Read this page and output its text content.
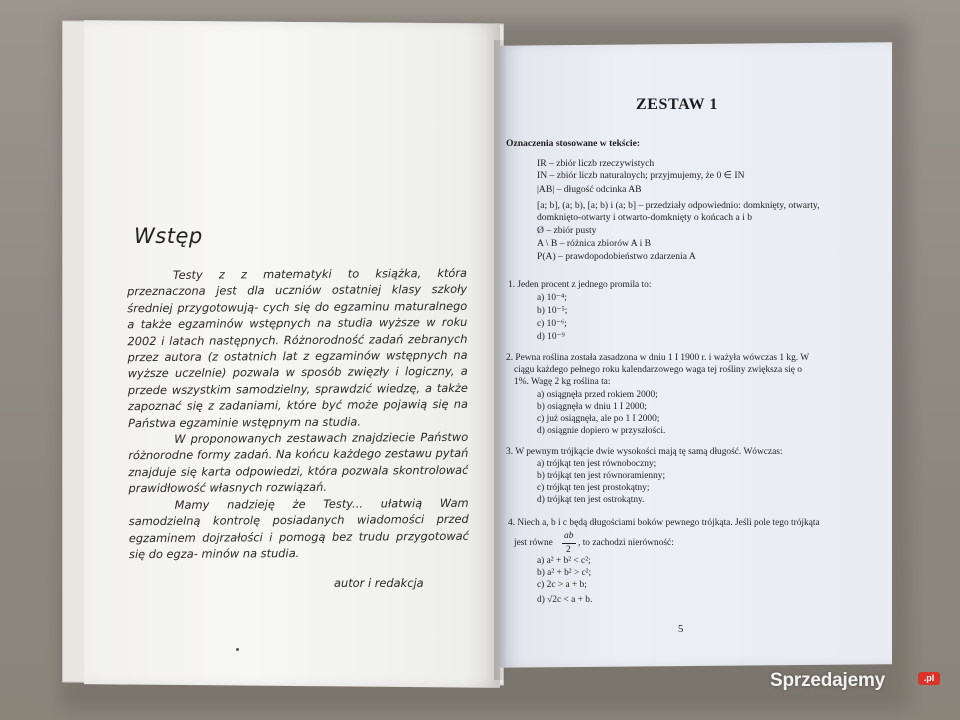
Wstęp

Testy z z matematyki to książka, która przeznaczona jest dla uczniów ostatniej klasy szkoły średniej przygotowują- cych się do egzaminu maturalnego a także egzaminów wstępnych na studia wyższe w roku 2002 i latach następnych. Różnorodność zadań zebranych przez autora (z ostatnich lat z egzaminów wstępnych na wyższe uczelnie) pozwala w sposób zwięzły i logiczny, a przede wszystkim samodzielny, sprawdzić wiedzę, a także zapoznać się z zadaniami, które być może pojawią się na Państwa egzaminie wstępnym na studia.

W proponowanych zestawach znajdziecie Państwo różnorodne formy zadań. Na końcu każdego zestawu pytań znajduje się karta odpowiedzi, która pozwala skontrolować prawidłowość własnych rozwiązań.

Mamy nadzieję że Testy... ułatwią Wam samodzielną kontrolę posiadanych wiadomości przed egzaminem dojrzałości i pomogą bez trudu przygotować się do egza- minów na studia.

autor i redakcja
ZESTAW 1
Oznaczenia stosowane w tekście:
IR – zbiór liczb rzeczywistych
IN – zbiór liczb naturalnych; przyjmujemy, że 0 ∈ IN
|AB| – długość odcinka AB
[a; b], (a; b), [a; b) i (a; b] – przedziały odpowiednio: domknięty, otwarty,
domknięto-otwarty i otwarto-domknięty o końcach a i b
Ø – zbiór pusty
A \ B – różnica zbiorów A i B
P(A) – prawdopodobieństwo zdarzenia A
1. Jeden procent z jednego promila to:
a) 10⁻⁴;
b) 10⁻⁵;
c) 10⁻⁶;
d) 10⁻⁹
2. Pewna roślina została zasadzona w dniu 1 I 1900 r. i ważyła wówczas 1 kg. W
ciągu każdego pełnego roku kalendarzowego waga tej rośliny zwiększa się o
1%. Wagę 2 kg roślina ta:
a) osiągnęła przed rokiem 2000;
b) osiągnęła w dniu 1 I 2000;
c) już osiągnęła, ale po 1 I 2000;
d) osiągnie dopiero w przyszłości.
3. W pewnym trójkącie dwie wysokości mają tę samą długość. Wówczas:
a) trójkąt ten jest równoboczny;
b) trójkąt ten jest równoramienny;
c) trójkąt ten jest prostokątny;
d) trójkąt ten jest ostrokątny.
4. Niech a, b i c będą długościami boków pewnego trójkąta. Jeśli pole tego trójkąta
jest równe
ab
2
, to zachodzi nierówność:
a) a² + b² < c²;
b) a² + b² > c²;
c) 2c > a + b;
d) √2c < a + b.
5
Sprzedajemy	.pl
